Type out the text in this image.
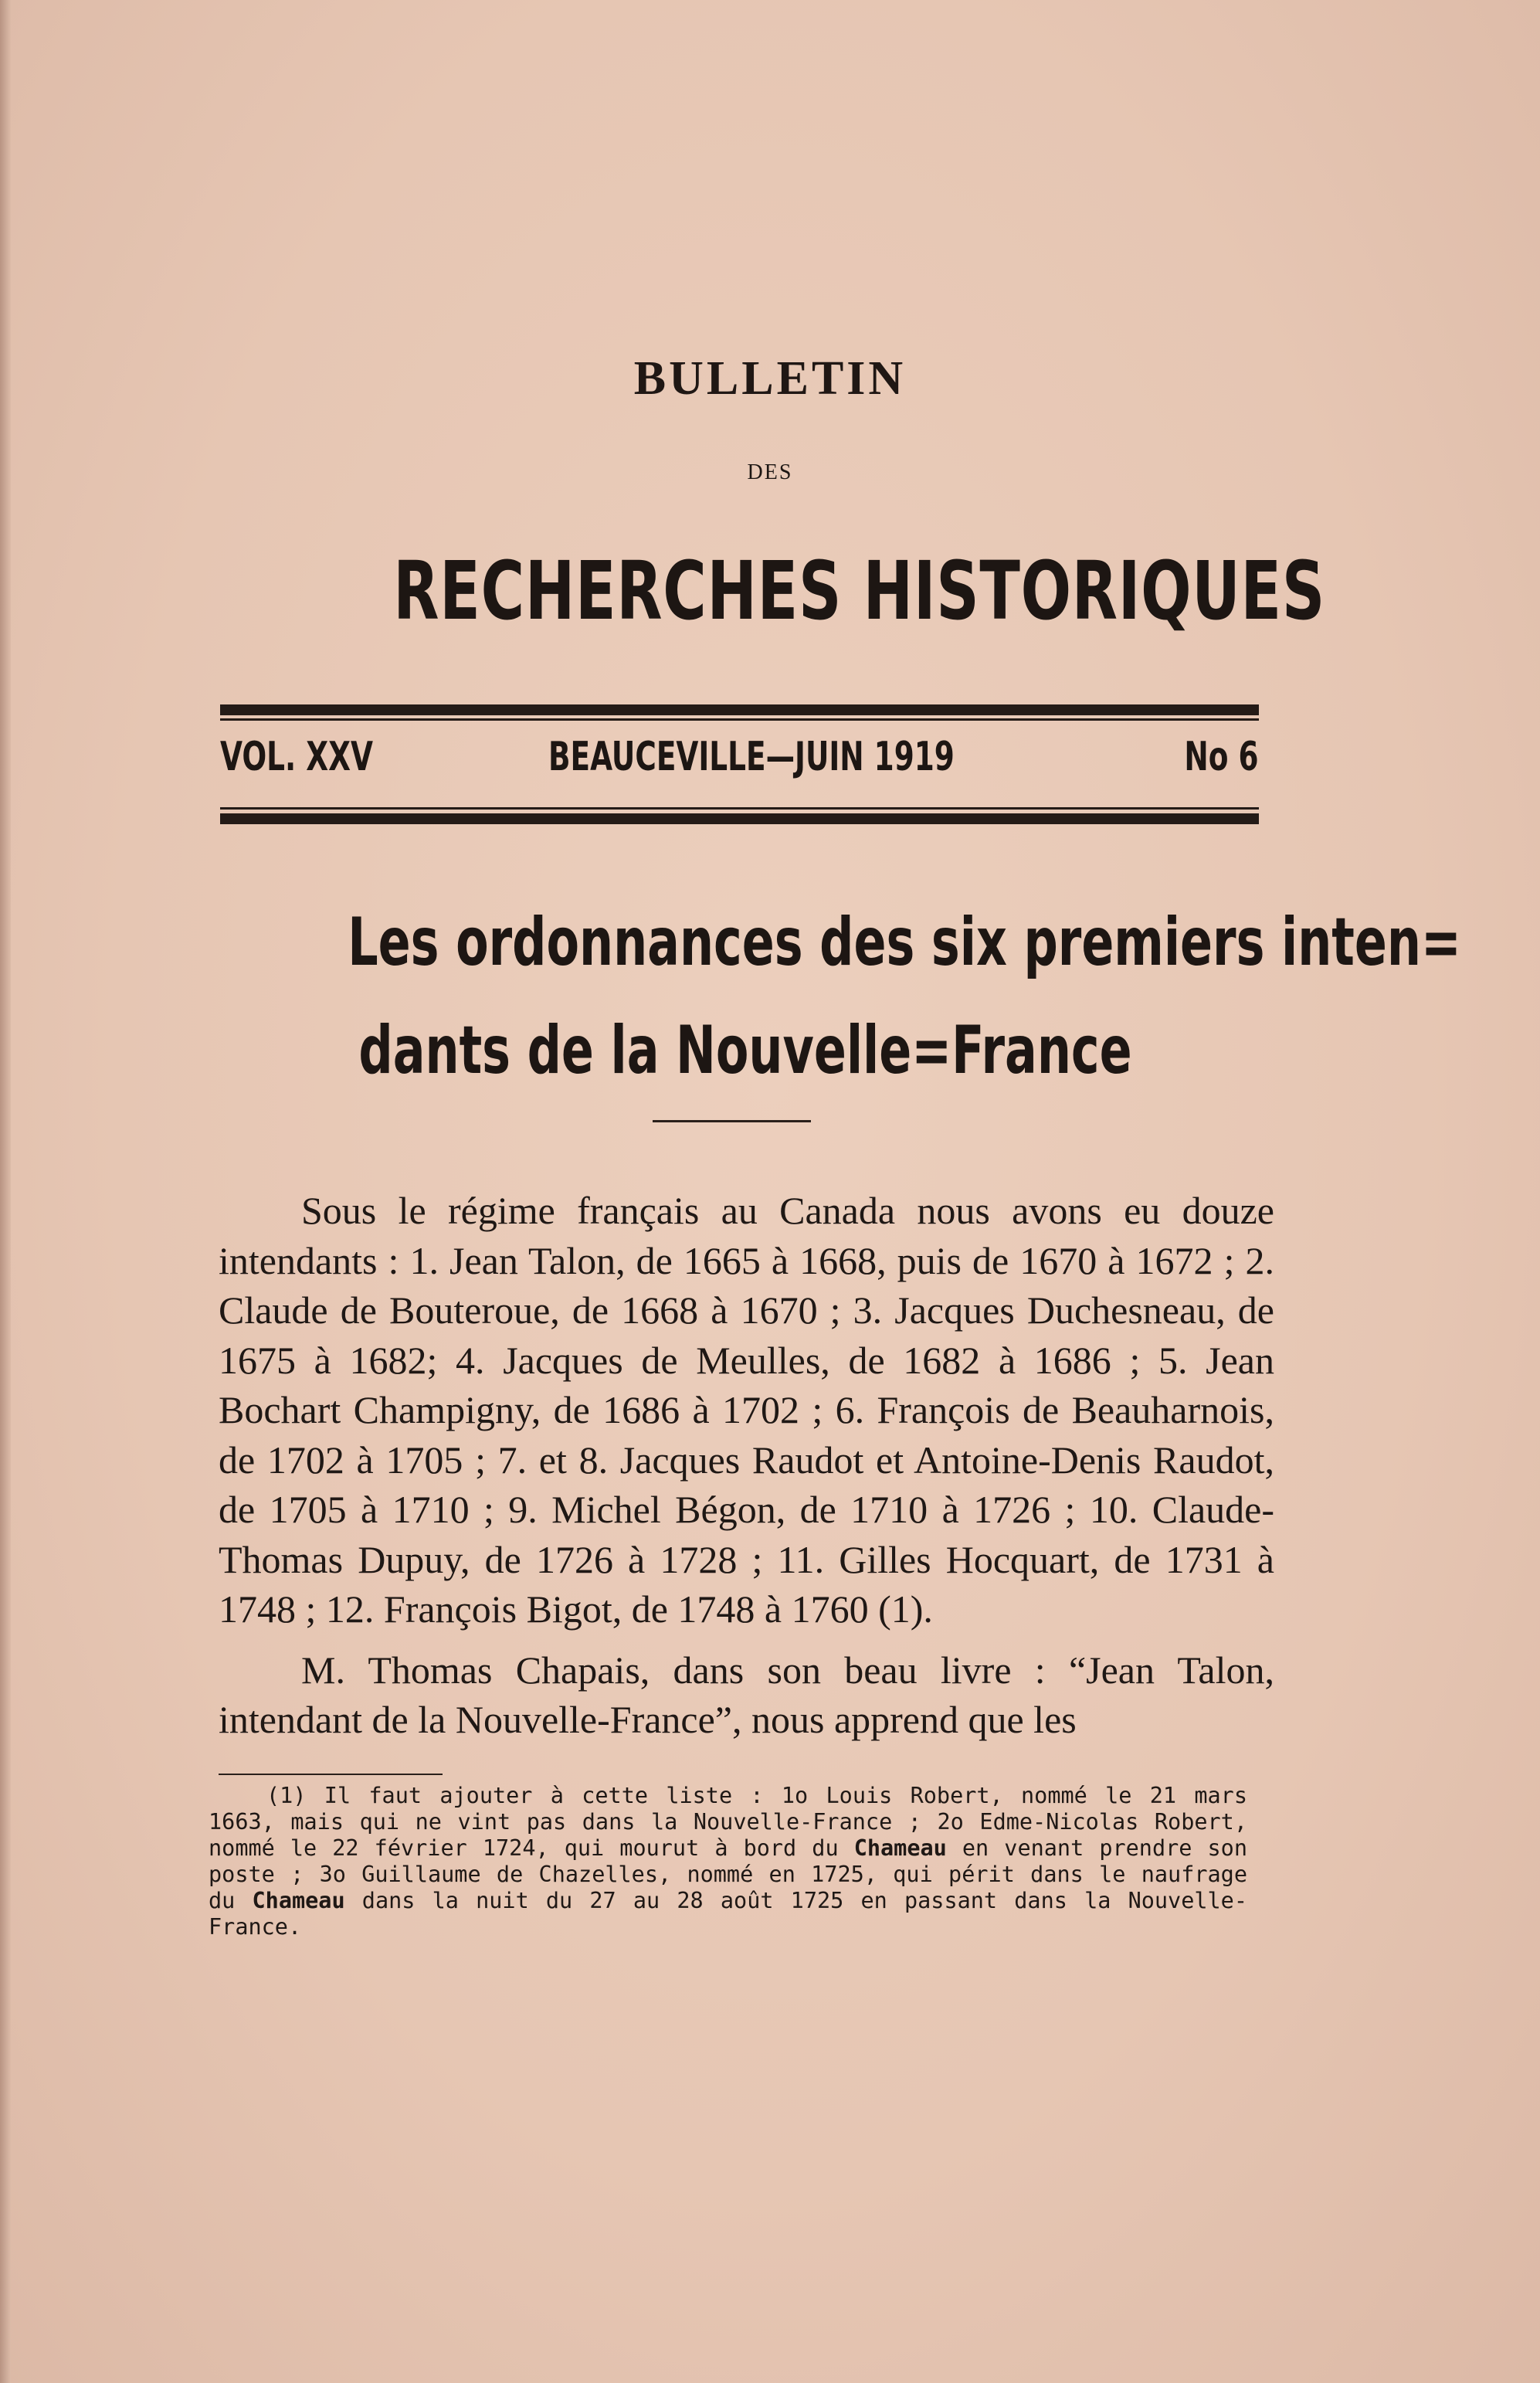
BULLETIN
DES
RECHERCHES HISTORIQUES
VOL. XXV	BEAUCEVILLE—JUIN 1919	No 6
Les ordonnances des six premiers inten=
dants de la Nouvelle=France

Sous le régime français au Canada nous avons eu douze intendants : 1. Jean Talon, de 1665 à 1668, puis de 1670 à 1672 ; 2. Claude de Bouteroue, de 1668 à 1670 ; 3. Jacques Duchesneau, de 1675 à 1682; 4. Jacques de Meulles, de 1682 à 1686 ; 5. Jean Bochart Champigny, de 1686 à 1702 ; 6. François de Beauharnois, de 1702 à 1705 ; 7. et 8. Jacques Raudot et Antoine-Denis Raudot, de 1705 à 1710 ; 9. Michel Bégon, de 1710 à 1726 ; 10. Claude-Thomas Dupuy, de 1726 à 1728 ; 11. Gilles Hocquart, de 1731 à 1748 ; 12. François Bigot, de 1748 à 1760 (1).

M. Thomas Chapais, dans son beau livre : “Jean Talon, intendant de la Nouvelle-France”, nous apprend que les

(1) Il faut ajouter à cette liste : 1o Louis Robert, nommé le 21 mars 1663, mais qui ne vint pas dans la Nouvelle-France ; 2o Edme-Nicolas Robert, nommé le 22 février 1724, qui mourut à bord du Chameau en venant prendre son poste ; 3o Guillaume de Chazelles, nommé en 1725, qui périt dans le naufrage du Chameau dans la nuit du 27 au 28 août 1725 en passant dans la Nouvelle-France.
